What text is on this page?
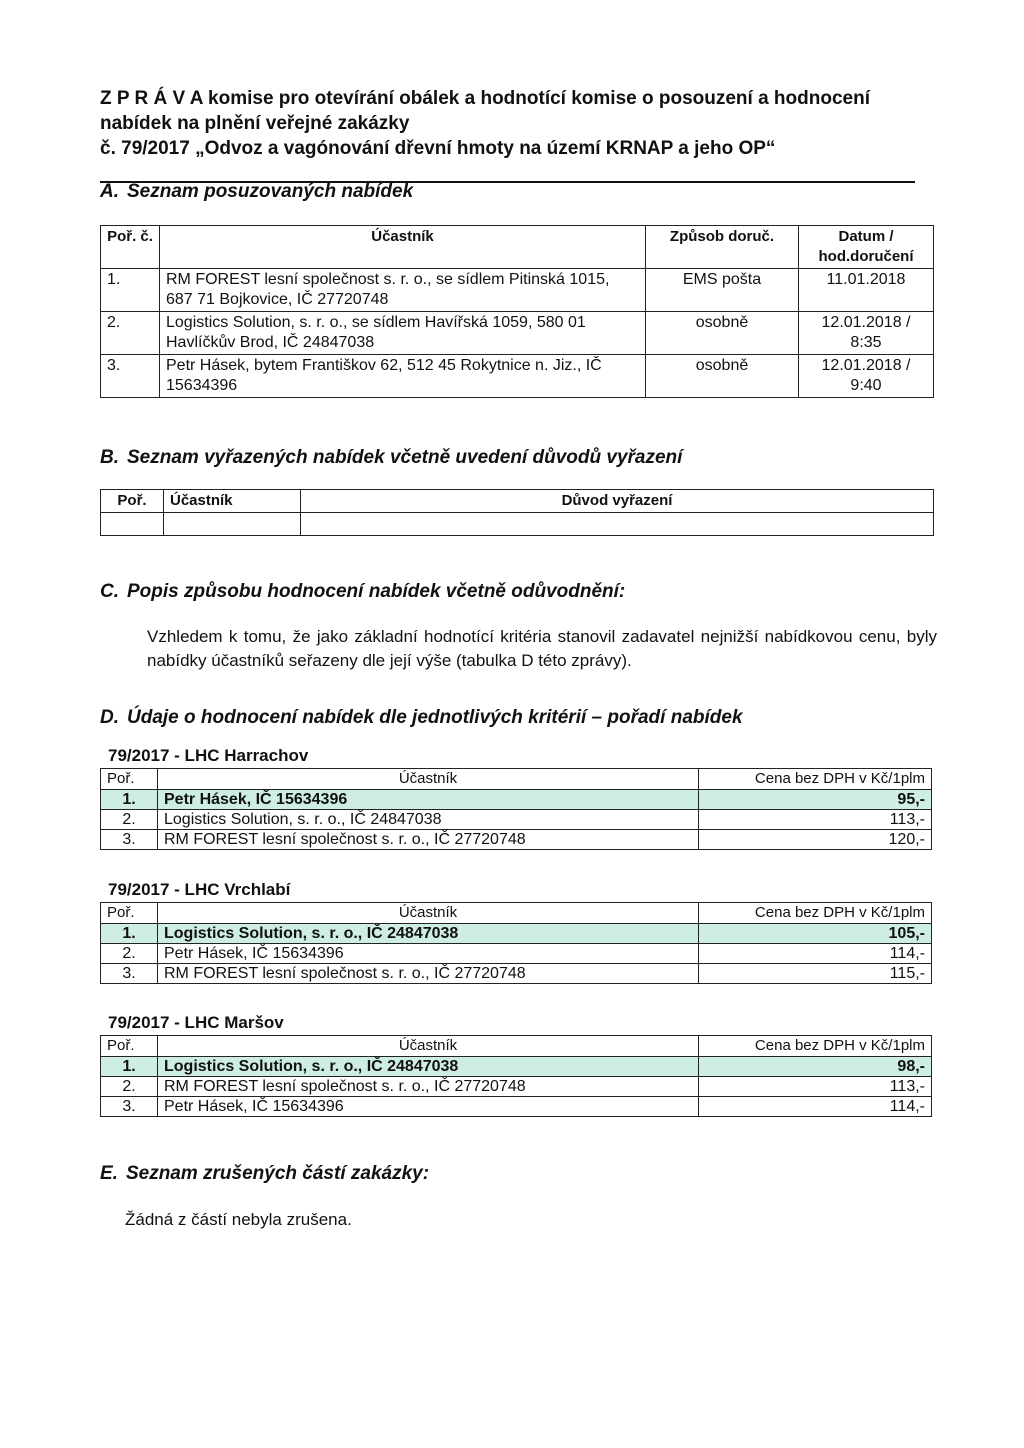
Z P R Á V A komise pro otevírání obálek a hodnotící komise o posouzení a hodnocení
nabídek na plnění veřejné zakázky
č. 79/2017 „Odvoz a vagónování dřevní hmoty na území KRNAP a jeho OP“
A. Seznam posuzovaných nabídek
Poř. č.	Účastník	Způsob doruč.	Datum / hod.doručení
1.	RM FOREST lesní společnost s. r. o., se sídlem Pitinská 1015, 687 71 Bojkovice, IČ 27720748	EMS pošta	11.01.2018
2.	Logistics Solution, s. r. o., se sídlem Havířská 1059, 580 01 Havlíčkův Brod, IČ 24847038	osobně	12.01.2018 / 8:35
3.	Petr Hásek, bytem Františkov 62, 512 45 Rokytnice n. Jiz., IČ 15634396	osobně	12.01.2018 / 9:40
B. Seznam vyřazených nabídek včetně uvedení důvodů vyřazení
Poř.	Účastník	Důvod vyřazení

C. Popis způsobu hodnocení nabídek včetně odůvodnění:
Vzhledem k tomu, že jako základní hodnotící kritéria stanovil zadavatel nejnižší nabídkovou cenu, byly nabídky účastníků seřazeny dle její výše (tabulka D této zprávy).
D. Údaje o hodnocení nabídek dle jednotlivých kritérií – pořadí nabídek
79/2017 - LHC Harrachov
Poř.	Účastník	Cena bez DPH v Kč/1plm
1.	Petr Hásek, IČ 15634396	95,-
2.	Logistics Solution, s. r. o., IČ 24847038	113,-
3.	RM FOREST lesní společnost s. r. o., IČ 27720748	120,-
79/2017 - LHC Vrchlabí
Poř.	Účastník	Cena bez DPH v Kč/1plm
1.	Logistics Solution, s. r. o., IČ 24847038	105,-
2.	Petr Hásek, IČ 15634396	114,-
3.	RM FOREST lesní společnost s. r. o., IČ 27720748	115,-
79/2017 - LHC Maršov
Poř.	Účastník	Cena bez DPH v Kč/1plm
1.	Logistics Solution, s. r. o., IČ 24847038	98,-
2.	RM FOREST lesní společnost s. r. o., IČ 27720748	113,-
3.	Petr Hásek, IČ 15634396	114,-
E. Seznam zrušených částí zakázky:
Žádná z částí nebyla zrušena.
